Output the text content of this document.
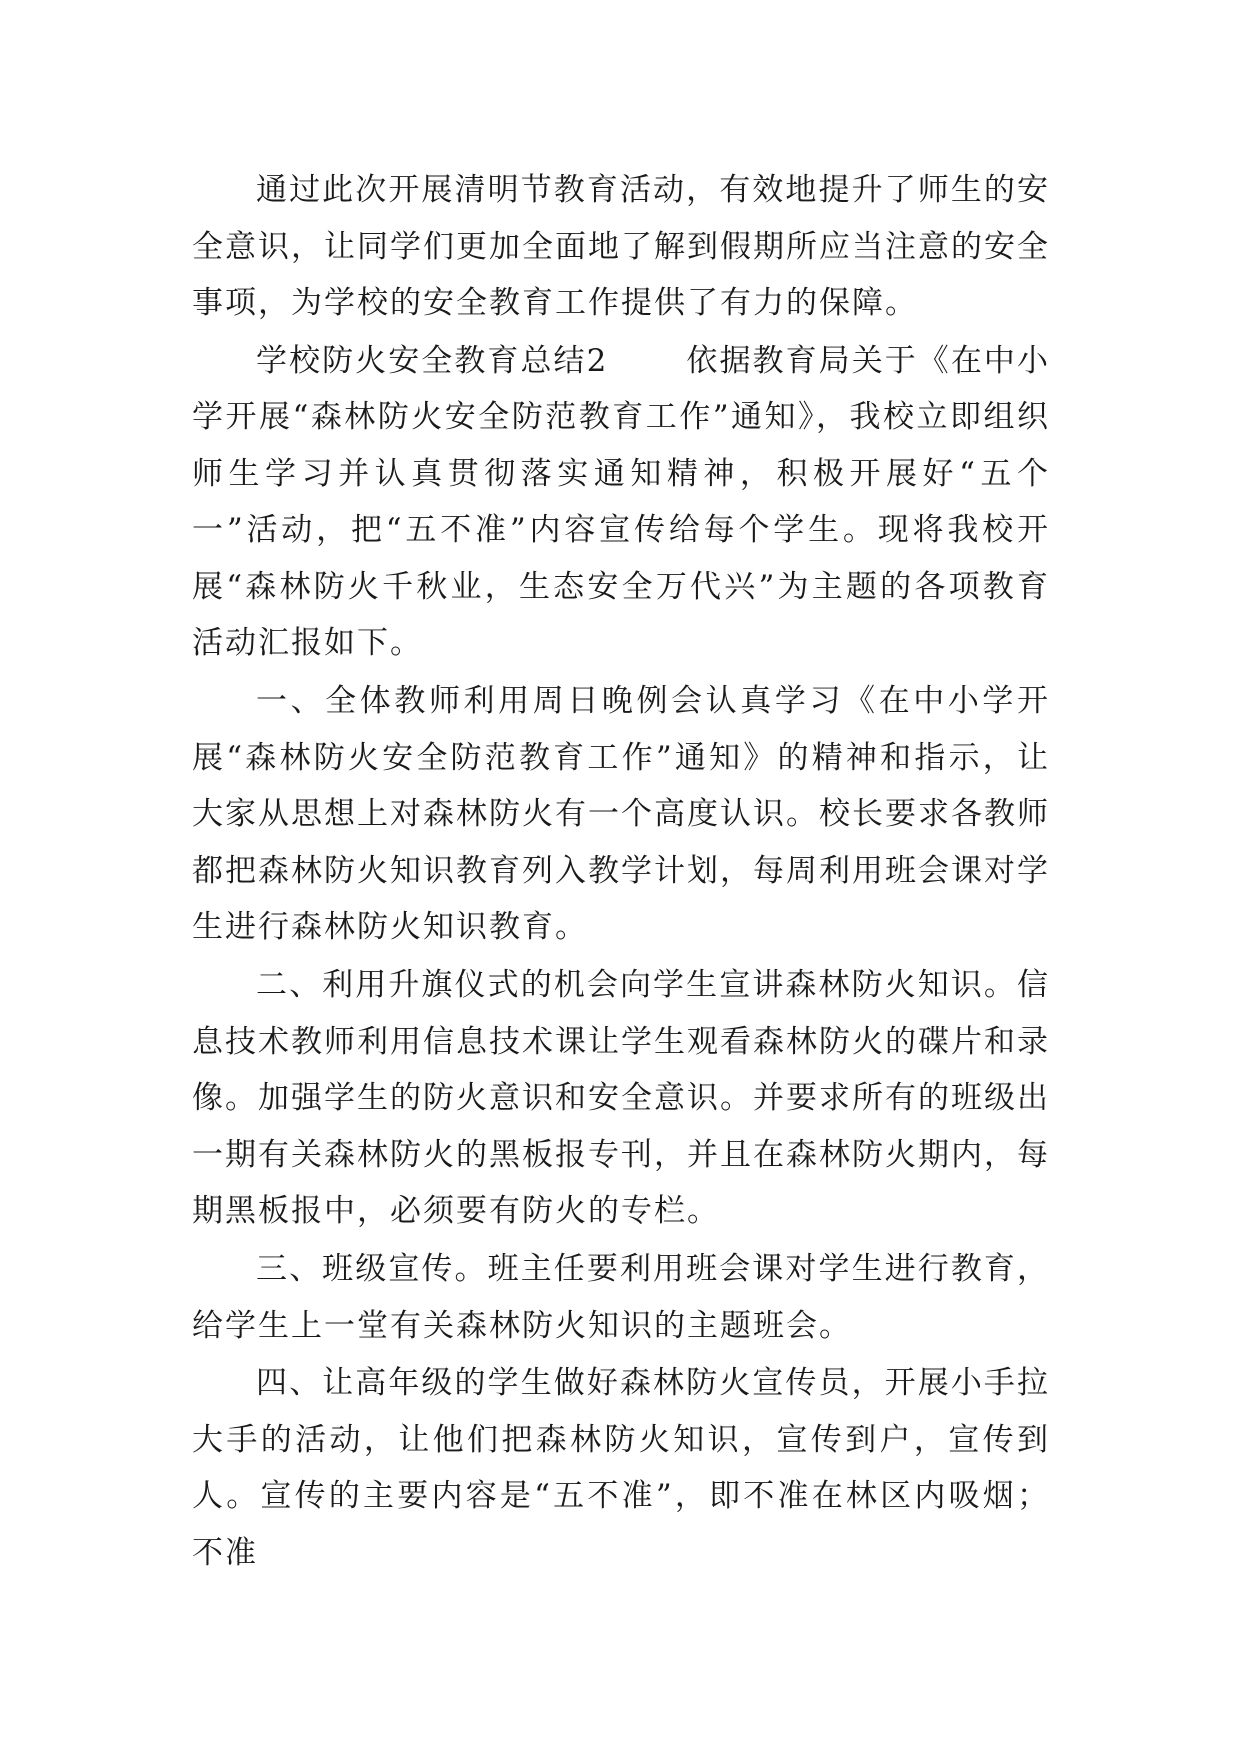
通过此次开展清明节教育活动，有效地提升了师生的安全意识，让同学们更加全面地了解到假期所应当注意的安全事项，为学校的安全教育工作提供了有力的保障。

学校防火安全教育总结2	依据教育局关于《在中小学开展“森林防火安全防范教育工作”通知》，我校立即组织师生学习并认真贯彻落实通知精神，积极开展好“五个一”活动，把“五不准”内容宣传给每个学生。现将我校开展“森林防火千秋业，生态安全万代兴”为主题的各项教育活动汇报如下。

一、全体教师利用周日晚例会认真学习《在中小学开展“森林防火安全防范教育工作”通知》的精神和指示，让大家从思想上对森林防火有一个高度认识。校长要求各教师都把森林防火知识教育列入教学计划，每周利用班会课对学生进行森林防火知识教育。

二、利用升旗仪式的机会向学生宣讲森林防火知识。信息技术教师利用信息技术课让学生观看森林防火的碟片和录像。加强学生的防火意识和安全意识。并要求所有的班级出一期有关森林防火的黑板报专刊，并且在森林防火期内，每期黑板报中，必须要有防火的专栏。

三、班级宣传。班主任要利用班会课对学生进行教育，给学生上一堂有关森林防火知识的主题班会。

四、让高年级的学生做好森林防火宣传员，开展小手拉大手的活动，让他们把森林防火知识，宣传到户，宣传到人。宣传的主要内容是“五不准”，即不准在林区内吸烟；不准
